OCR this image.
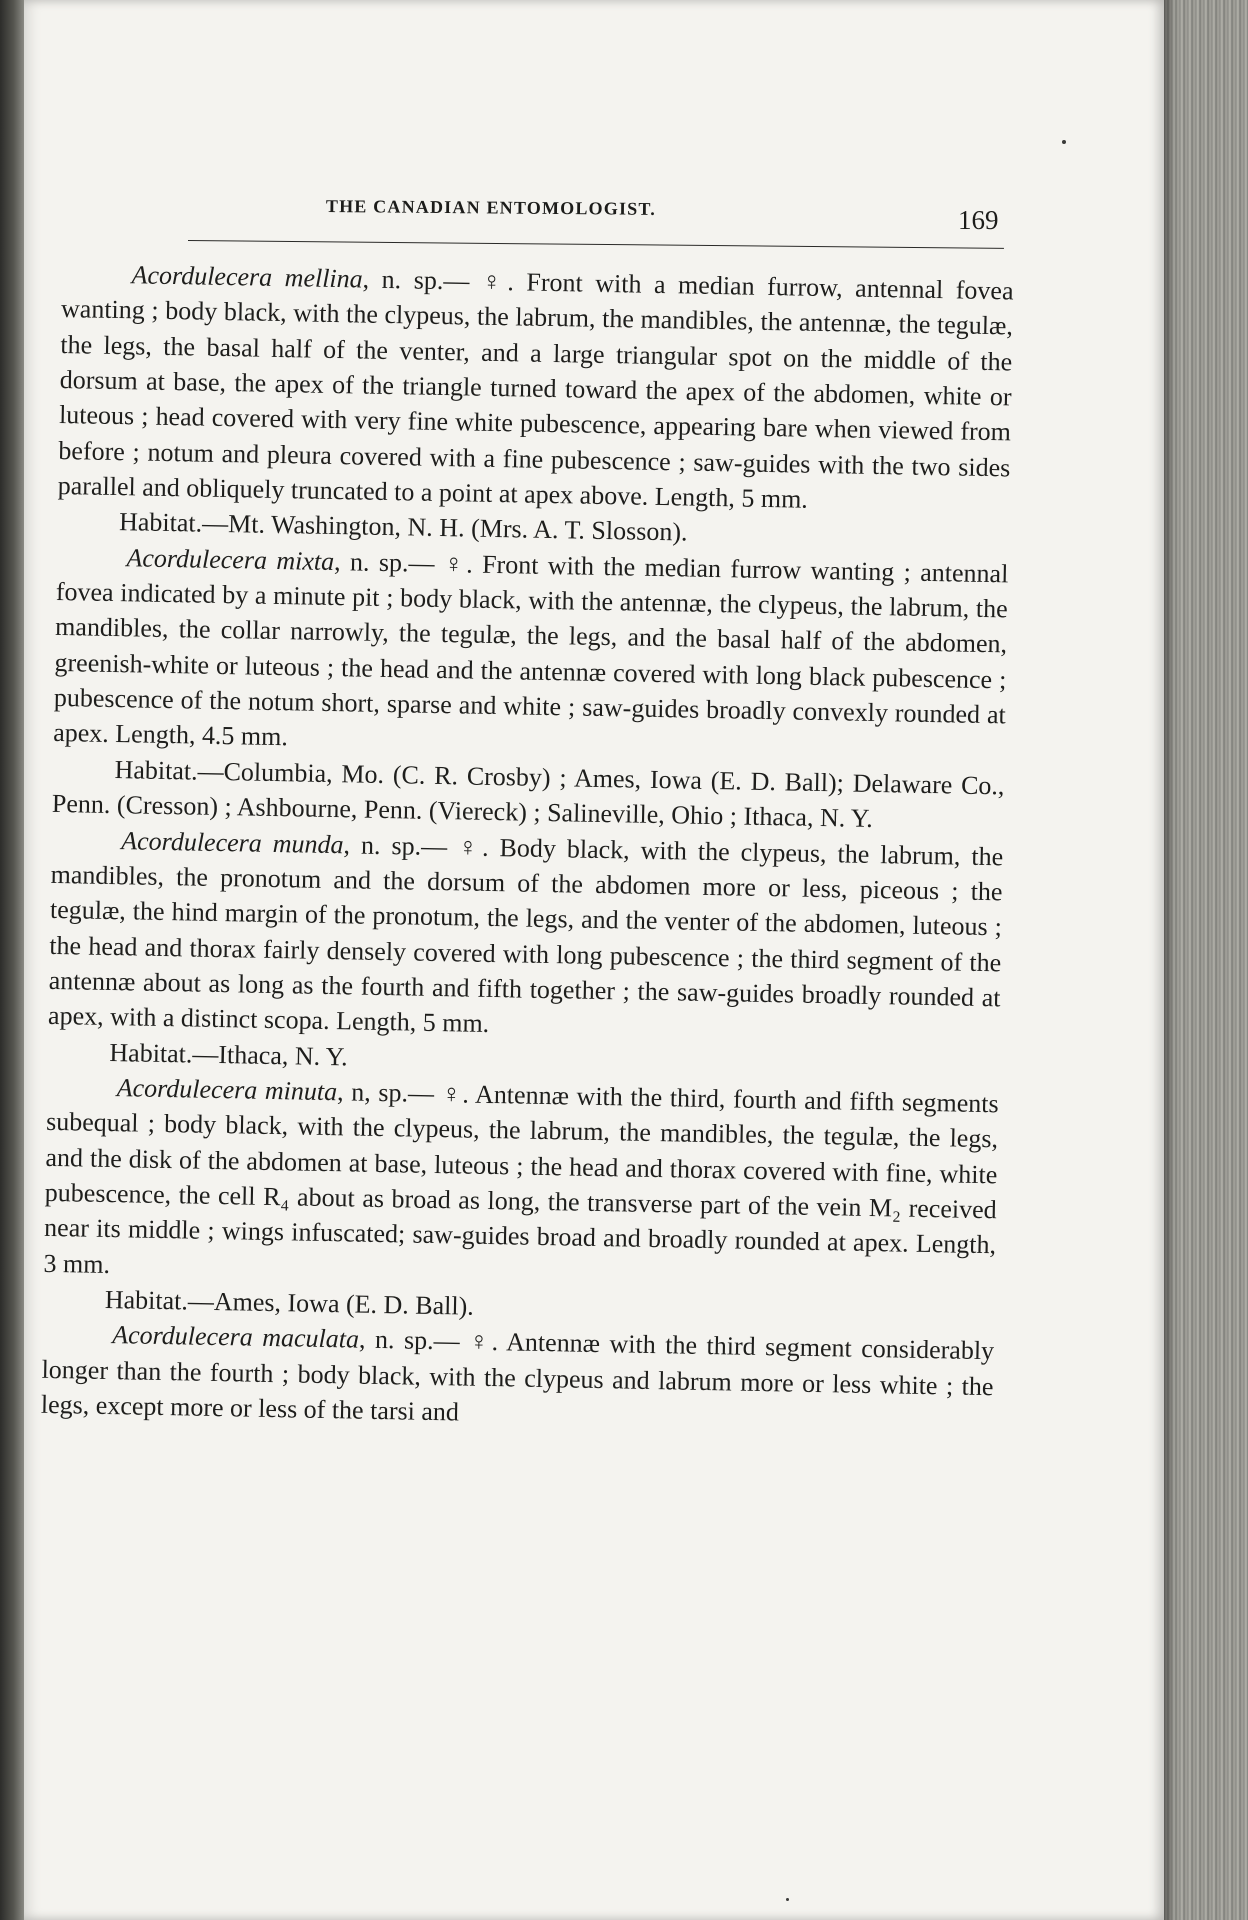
THE CANADIAN ENTOMOLOGIST.	169

Acordulecera mellina, n. sp.— ♀. Front with a median furrow, antennal fovea wanting ; body black, with the clypeus, the labrum, the mandibles, the antennæ, the tegulæ, the legs, the basal half of the venter, and a large triangular spot on the middle of the dorsum at base, the apex of the triangle turned toward the apex of the abdomen, white or luteous ; head covered with very fine white pubescence, appearing bare when viewed from before ; notum and pleura covered with a fine pubescence ; saw-guides with the two sides parallel and obliquely truncated to a point at apex above. Length, 5 mm.

Habitat.—Mt. Washington, N. H. (Mrs. A. T. Slosson).

Acordulecera mixta, n. sp.— ♀. Front with the median furrow wanting ; antennal fovea indicated by a minute pit ; body black, with the antennæ, the clypeus, the labrum, the mandibles, the collar narrowly, the tegulæ, the legs, and the basal half of the abdomen, greenish-white or luteous ; the head and the antennæ covered with long black pubescence ; pubescence of the notum short, sparse and white ; saw-guides broadly convexly rounded at apex. Length, 4.5 mm.

Habitat.—Columbia, Mo. (C. R. Crosby) ; Ames, Iowa (E. D. Ball); Delaware Co., Penn. (Cresson) ; Ashbourne, Penn. (Viereck) ; Salineville, Ohio ; Ithaca, N. Y.

Acordulecera munda, n. sp.— ♀. Body black, with the clypeus, the labrum, the mandibles, the pronotum and the dorsum of the abdomen more or less, piceous ; the tegulæ, the hind margin of the pronotum, the legs, and the venter of the abdomen, luteous ; the head and thorax fairly densely covered with long pubescence ; the third segment of the antennæ about as long as the fourth and fifth together ; the saw-guides broadly rounded at apex, with a distinct scopa. Length, 5 mm.

Habitat.—Ithaca, N. Y.

Acordulecera minuta, n, sp.— ♀. Antennæ with the third, fourth and fifth segments subequal ; body black, with the clypeus, the labrum, the mandibles, the tegulæ, the legs, and the disk of the abdomen at base, luteous ; the head and thorax covered with fine, white pubescence, the cell R₄ about as broad as long, the transverse part of the vein M₂ received near its middle ; wings infuscated; saw-guides broad and broadly rounded at apex. Length, 3 mm.

Habitat.—Ames, Iowa (E. D. Ball).

Acordulecera maculata, n. sp.— ♀. Antennæ with the third segment considerably longer than the fourth ; body black, with the clypeus and labrum more or less white ; the legs, except more or less of the tarsi and
